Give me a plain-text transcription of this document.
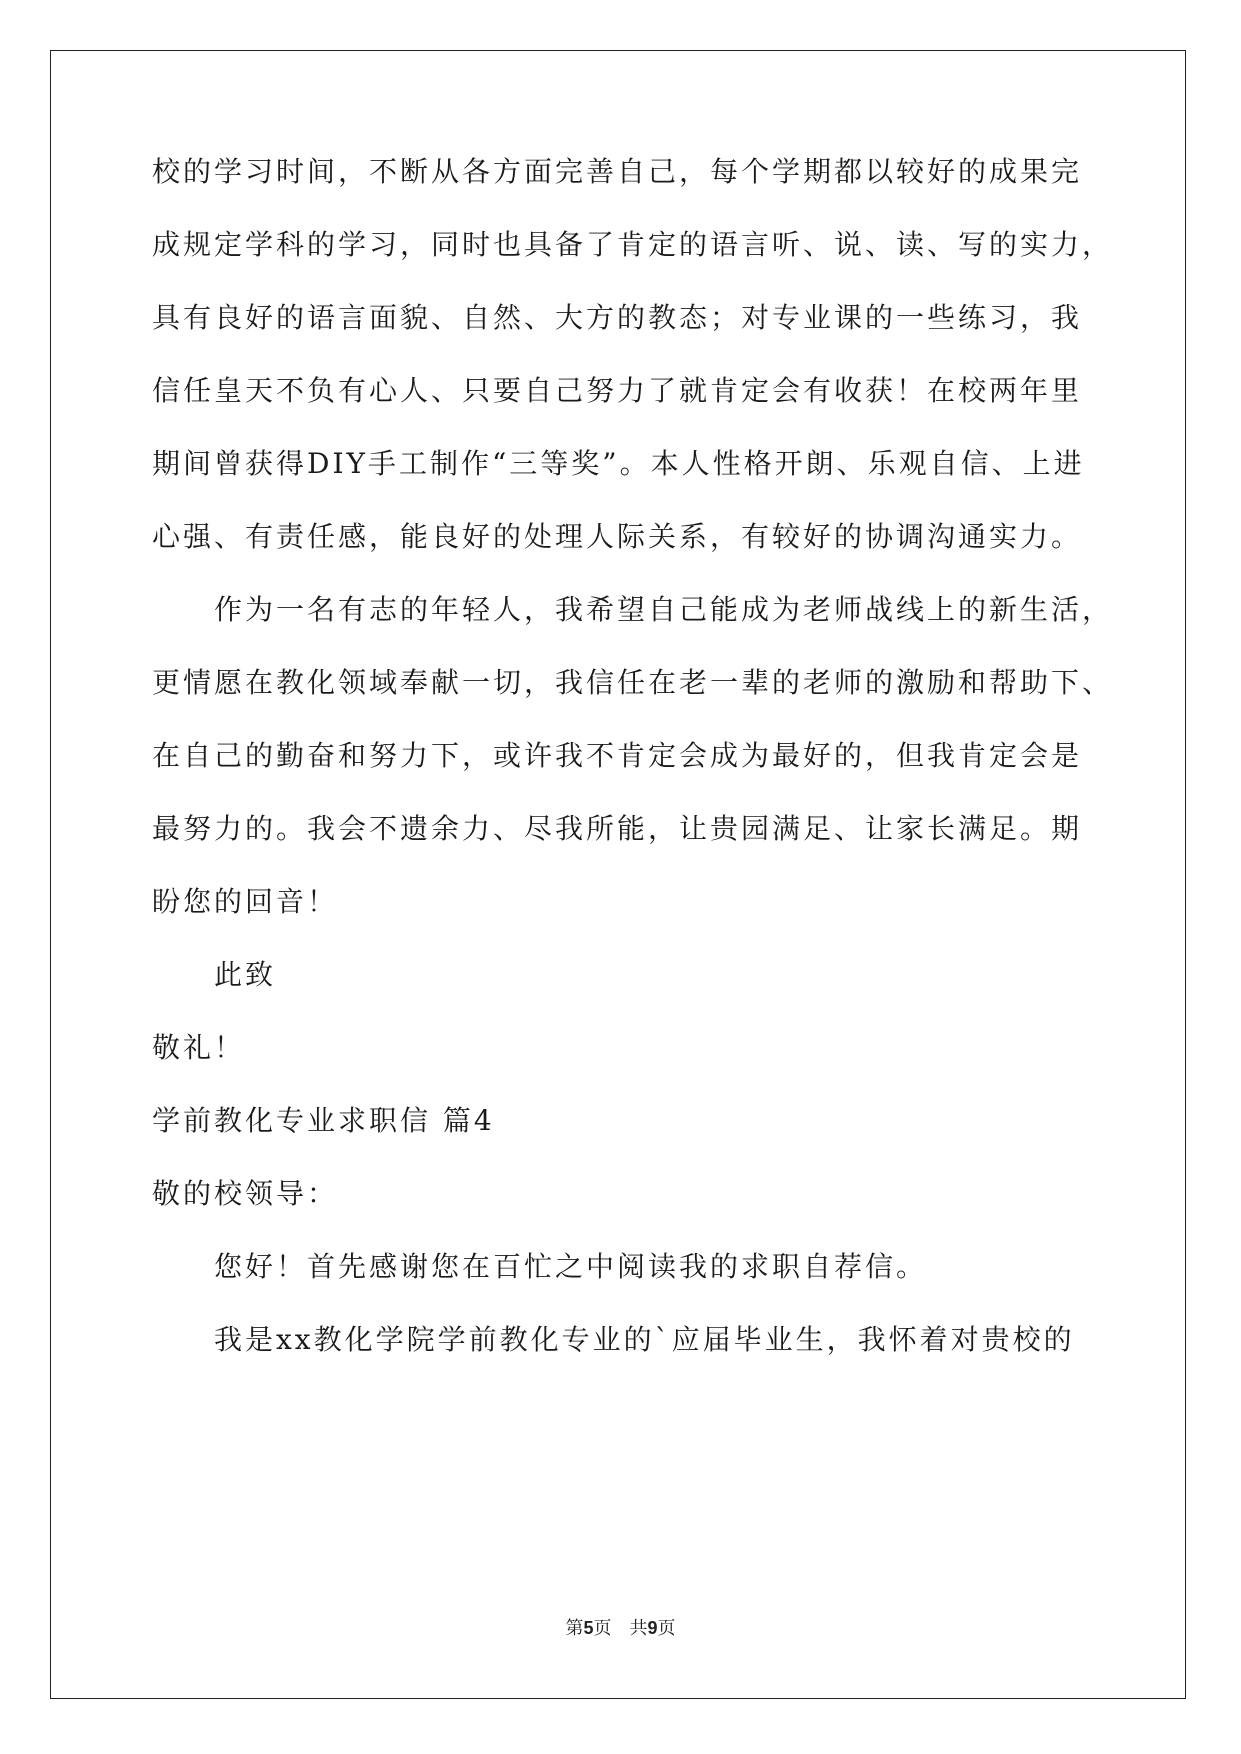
校的学习时间，不断从各方面完善自己，每个学期都以较好的成果完
成规定学科的学习，同时也具备了肯定的语言听、说、读、写的实力，
具有良好的语言面貌、自然、大方的教态；对专业课的一些练习，我
信任皇天不负有心人、只要自己努力了就肯定会有收获！在校两年里
期间曾获得DIY手工制作“三等奖”。本人性格开朗、乐观自信、上进
心强、有责任感，能良好的处理人际关系，有较好的协调沟通实力。
作为一名有志的年轻人，我希望自己能成为老师战线上的新生活，
更情愿在教化领域奉献一切，我信任在老一辈的老师的激励和帮助下、
在自己的勤奋和努力下，或许我不肯定会成为最好的，但我肯定会是
最努力的。我会不遗余力、尽我所能，让贵园满足、让家长满足。期
盼您的回音！
此致
敬礼！
学前教化专业求职信 篇4
敬的校领导：
您好！首先感谢您在百忙之中阅读我的求职自荐信。
我是xx教化学院学前教化专业的`应届毕业生，我怀着对贵校的
第5页　共9页
